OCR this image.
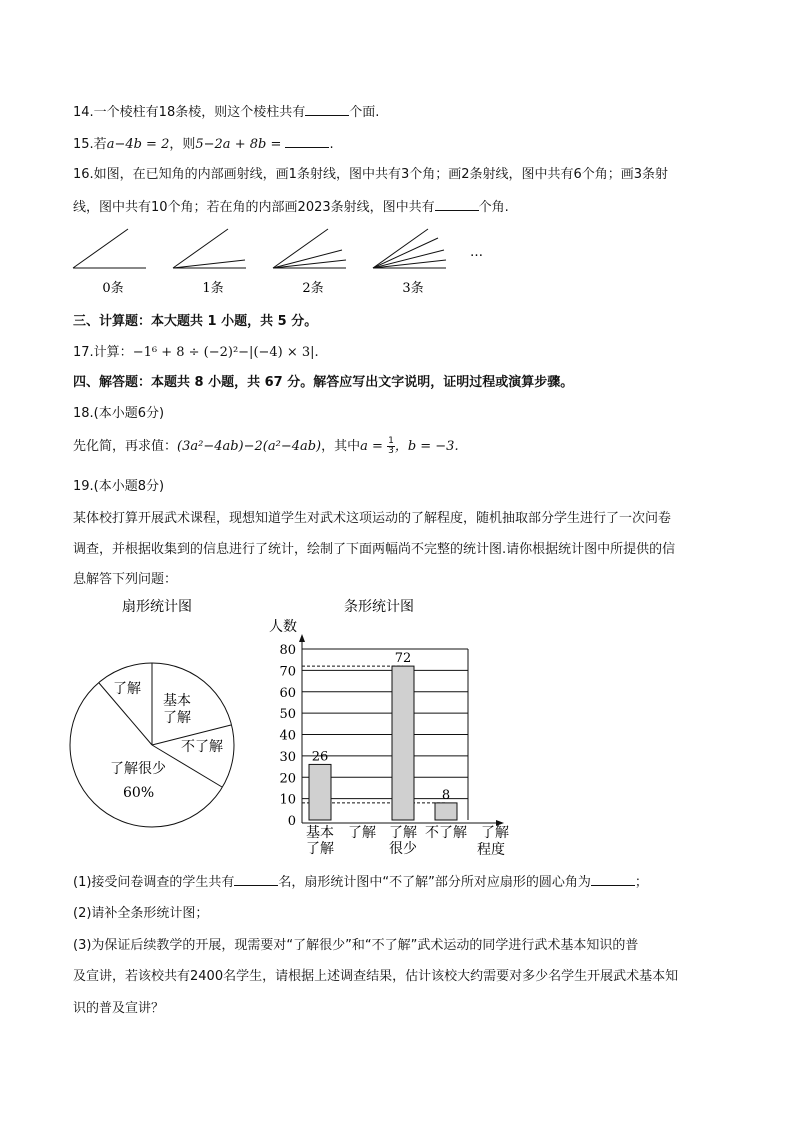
14.一个棱柱有18条棱，则这个棱柱共有	个面.
15.若a−4b = 2，则5−2a + 8b =	.
16.如图，在已知角的内部画射线，画1条射线，图中共有3个角；画2条射线，图中共有6个角；画3条射
线，图中共有10个角；若在角的内部画2023条射线，图中共有	个角.
0条	1条	2条	3条
…
三、计算题：本大题共 1 小题，共 5 分。
17.计算：−1⁶ + 8 ÷ (−2)²−|(−4) × 3|.
四、解答题：本题共 8 小题，共 67 分。解答应写出文字说明，证明过程或演算步骤。
18.(本小题6分)
先化简，再求值：(3a²−4ab)−2(a²−4ab)，其中$a = \frac{1}{3}$ ，b = −3.
19.(本小题8分)
某体校打算开展武术课程，现想知道学生对武术这项运动的了解程度，随机抽取部分学生进行了一次问卷
调查，并根据收集到的信息进行了统计，绘制了下面两幅尚不完整的统计图.请你根据统计图中所提供的信
息解答下列问题：
扇形统计图
了解
基本
了解
不了解
了解很少
60%
条形统计图
人数
26
72
8
0
10
20
30
40
50
60
70
80
基本
了解
了解 了解
很少
不了解 了解
程度
(1)接受问卷调查的学生共有	名，扇形统计图中“不了解”部分所对应扇形的圆心角为	；
(2)请补全条形统计图；
(3)为保证后续教学的开展，现需要对“了解很少”和“不了解”武术运动的同学进行武术基本知识的普
及宣讲，若该校共有2400名学生，请根据上述调查结果，估计该校大约需要对多少名学生开展武术基本知
识的普及宣讲？
